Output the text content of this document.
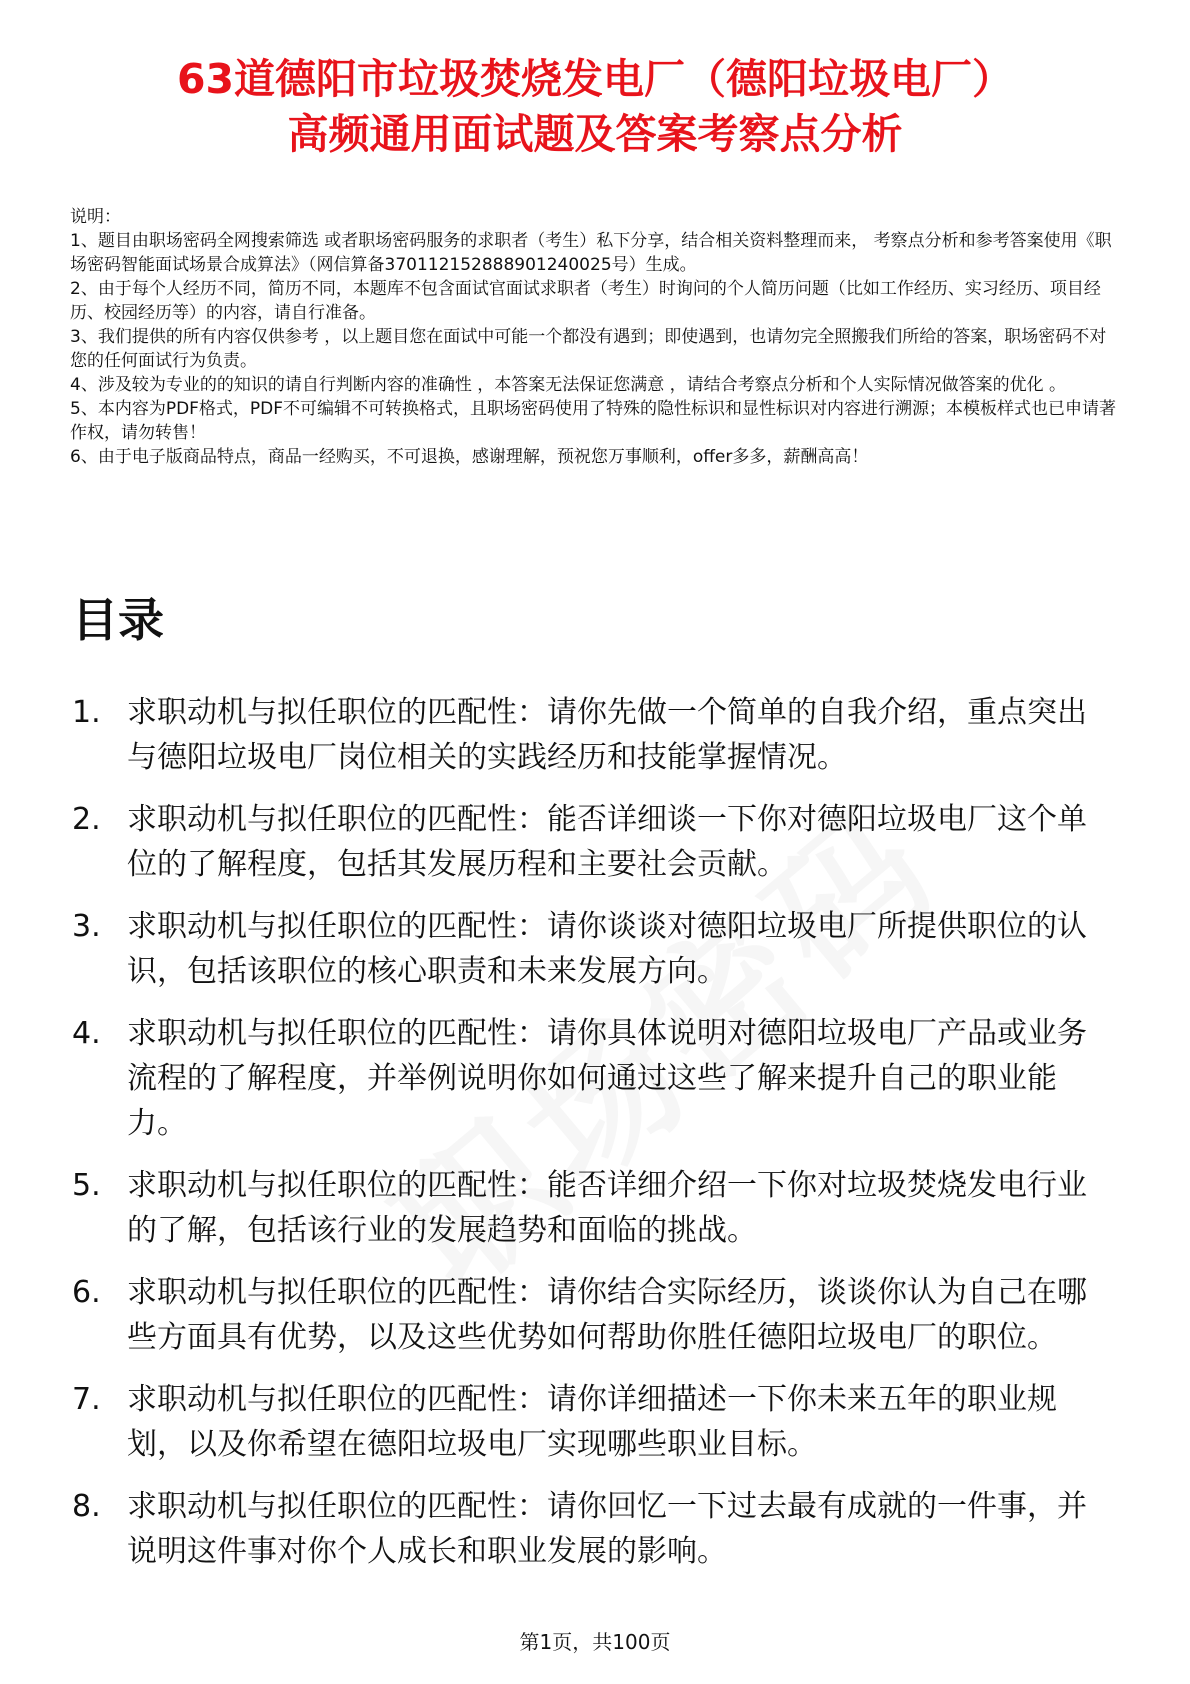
63道德阳市垃圾焚烧发电厂（德阳垃圾电厂）
高频通用面试题及答案考察点分析

说明：

1、题目由职场密码全网搜索筛选 或者职场密码服务的求职者（考生）私下分享，结合相关资料整理而来， 考察点分析和参考答案使用《职场密码智能面试场景合成算法》（网信算备370112152888901240025号）生成。

2、由于每个人经历不同，简历不同，本题库不包含面试官面试求职者（考生）时询问的个人简历问题（比如工作经历、实习经历、项目经历、校园经历等）的内容，请自行准备。

3、我们提供的所有内容仅供参考 ，以上题目您在面试中可能一个都没有遇到；即使遇到，也请勿完全照搬我们所给的答案，职场密码不对您的任何面试行为负责。

4、涉及较为专业的的知识的请自行判断内容的准确性 ，本答案无法保证您满意 ，请结合考察点分析和个人实际情况做答案的优化 。

5、本内容为PDF格式，PDF不可编辑不可转换格式，且职场密码使用了特殊的隐性标识和显性标识对内容进行溯源；本模板样式也已申请著作权，请勿转售！

6、由于电子版商品特点，商品一经购买，不可退换，感谢理解，预祝您万事顺利，offer多多，薪酬高高！

目录
1. 求职动机与拟任职位的匹配性：请你先做一个简单的自我介绍，重点突出与德阳垃圾电厂岗位相关的实践经历和技能掌握情况。
2. 求职动机与拟任职位的匹配性：能否详细谈一下你对德阳垃圾电厂这个单位的了解程度，包括其发展历程和主要社会贡献。
3. 求职动机与拟任职位的匹配性：请你谈谈对德阳垃圾电厂所提供职位的认识，包括该职位的核心职责和未来发展方向。
4. 求职动机与拟任职位的匹配性：请你具体说明对德阳垃圾电厂产品或业务流程的了解程度，并举例说明你如何通过这些了解来提升自己的职业能力。
5. 求职动机与拟任职位的匹配性：能否详细介绍一下你对垃圾焚烧发电行业的了解，包括该行业的发展趋势和面临的挑战。
6. 求职动机与拟任职位的匹配性：请你结合实际经历，谈谈你认为自己在哪些方面具有优势，以及这些优势如何帮助你胜任德阳垃圾电厂的职位。
7. 求职动机与拟任职位的匹配性：请你详细描述一下你未来五年的职业规划，以及你希望在德阳垃圾电厂实现哪些职业目标。
8. 求职动机与拟任职位的匹配性：请你回忆一下过去最有成就的一件事，并说明这件事对你个人成长和职业发展的影响。
第1页，共100页
